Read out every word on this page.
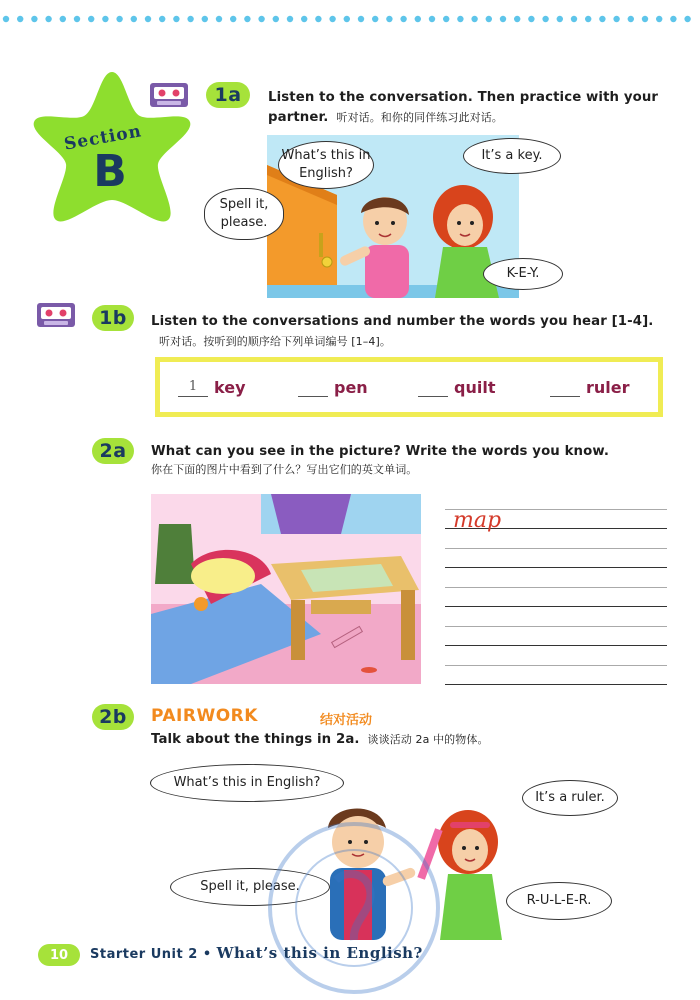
Section
B
1a	Listen to the conversation. Then practice with your partner. 听对话。和你的同伴练习此对话。
What’s this in English?
It’s a key.
Spell it, please.
K-E-Y.
1b	Listen to the conversations and number the words you hear [1-4].听对话。按听到的顺序给下列单词编号 [1–4]。
1	key	pen	quilt	ruler
2a	What can you see in the picture? Write the words you know.
你在下面的图片中看到了什么？写出它们的英文单词。
map
2b	PAIRWORK	结对活动
Talk about the things in 2a. 谈谈活动 2a 中的物体。
What’s this in English?
It’s a ruler.
Spell it, please.
R-U-L-E-R.
10	Starter Unit 2 • What’s this in English?
